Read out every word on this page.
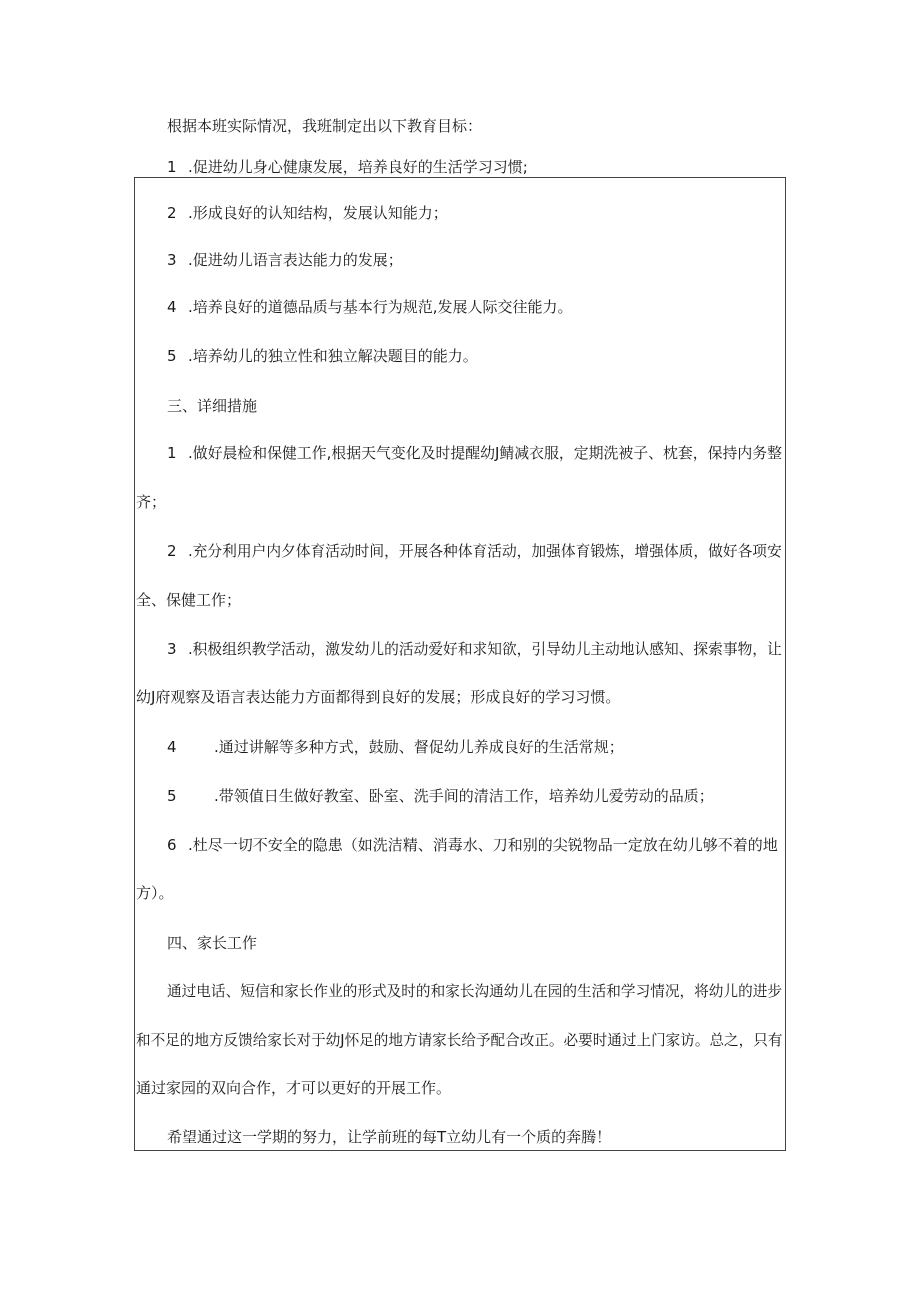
根据本班实际情况，我班制定出以下教育目标：
1 .促进幼儿身心健康发展，培养良好的生活学习习惯;
2 .形成良好的认知结构，发展认知能力；
3 .促进幼儿语言表达能力的发展；
4 .培养良好的道德品质与基本行为规范,发展人际交往能力。
5 .培养幼儿的独立性和独立解决题目的能力。
三、详细措施
1 .做好晨检和保健工作,根据天气变化及时提醒幼J鲭减衣服，定期洗被子、枕套，保持内务整
齐；
2 .充分利用户内夕体育活动时间，开展各种体育活动，加强体育锻炼，增强体质，做好各项安
全、保健工作；
3 .积极组织教学活动，激发幼儿的活动爱好和求知欲，引导幼儿主动地认感知、探索事物，让
幼J府观察及语言表达能力方面都得到良好的发展；形成良好的学习习惯。
4 .通过讲解等多种方式，鼓励、督促幼儿养成良好的生活常规；
5 .带领值日生做好教室、卧室、洗手间的清洁工作，培养幼儿爱劳动的品质；
6 .杜尽一切不安全的隐患（如洗洁精、消毒水、刀和别的尖锐物品一定放在幼儿够不着的地
方）。
四、家长工作
通过电话、短信和家长作业的形式及时的和家长沟通幼儿在园的生活和学习情况，将幼儿的进步
和不足的地方反馈给家长对于幼J怀足的地方请家长给予配合改正。必要时通过上门家访。总之，只有
通过家园的双向合作，才可以更好的开展工作。
希望通过这一学期的努力，让学前班的每T立幼儿有一个质的奔腾！
